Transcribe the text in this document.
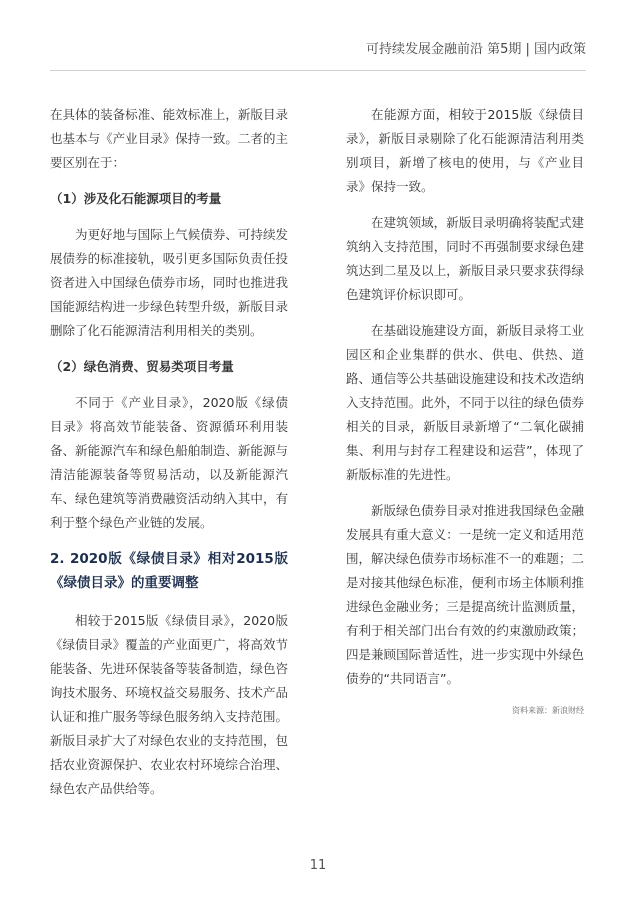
可持续发展金融前沿 第5期 | 国内政策

在具体的装备标准、能效标准上，新版目录也基本与《产业目录》保持一致。二者的主要区别在于：

（1）涉及化石能源项目的考量

为更好地与国际上气候债券、可持续发展债券的标准接轨，吸引更多国际负责任投资者进入中国绿色债券市场，同时也推进我国能源结构进一步绿色转型升级，新版目录删除了化石能源清洁利用相关的类别。

（2）绿色消费、贸易类项目考量

不同于《产业目录》，2020版《绿债目录》将高效节能装备、资源循环利用装备、新能源汽车和绿色船舶制造、新能源与清洁能源装备等贸易活动，以及新能源汽车、绿色建筑等消费融资活动纳入其中，有利于整个绿色产业链的发展。

2. 2020版《绿债目录》相对2015版《绿债目录》的重要调整

相较于2015版《绿债目录》，2020版《绿债目录》覆盖的产业面更广，将高效节能装备、先进环保装备等装备制造，绿色咨询技术服务、环境权益交易服务、技术产品认证和推广服务等绿色服务纳入支持范围。新版目录扩大了对绿色农业的支持范围，包括农业资源保护、农业农村环境综合治理、绿色农产品供给等。

在能源方面，相较于2015版《绿债目录》，新版目录剔除了化石能源清洁利用类别项目，新增了核电的使用，与《产业目录》保持一致。

在建筑领域，新版目录明确将装配式建筑纳入支持范围，同时不再强制要求绿色建筑达到二星及以上，新版目录只要求获得绿色建筑评价标识即可。

在基础设施建设方面，新版目录将工业园区和企业集群的供水、供电、供热、道路、通信等公共基础设施建设和技术改造纳入支持范围。此外，不同于以往的绿色债券相关的目录，新版目录新增了“二氧化碳捕集、利用与封存工程建设和运营”，体现了新版标准的先进性。

新版绿色债券目录对推进我国绿色金融发展具有重大意义：一是统一定义和适用范围，解决绿色债券市场标准不一的难题；二是对接其他绿色标准，便利市场主体顺利推进绿色金融业务；三是提高统计监测质量，有利于相关部门出台有效的约束激励政策；四是兼顾国际普适性，进一步实现中外绿色债券的“共同语言”。

资料来源：新浪财经
11
